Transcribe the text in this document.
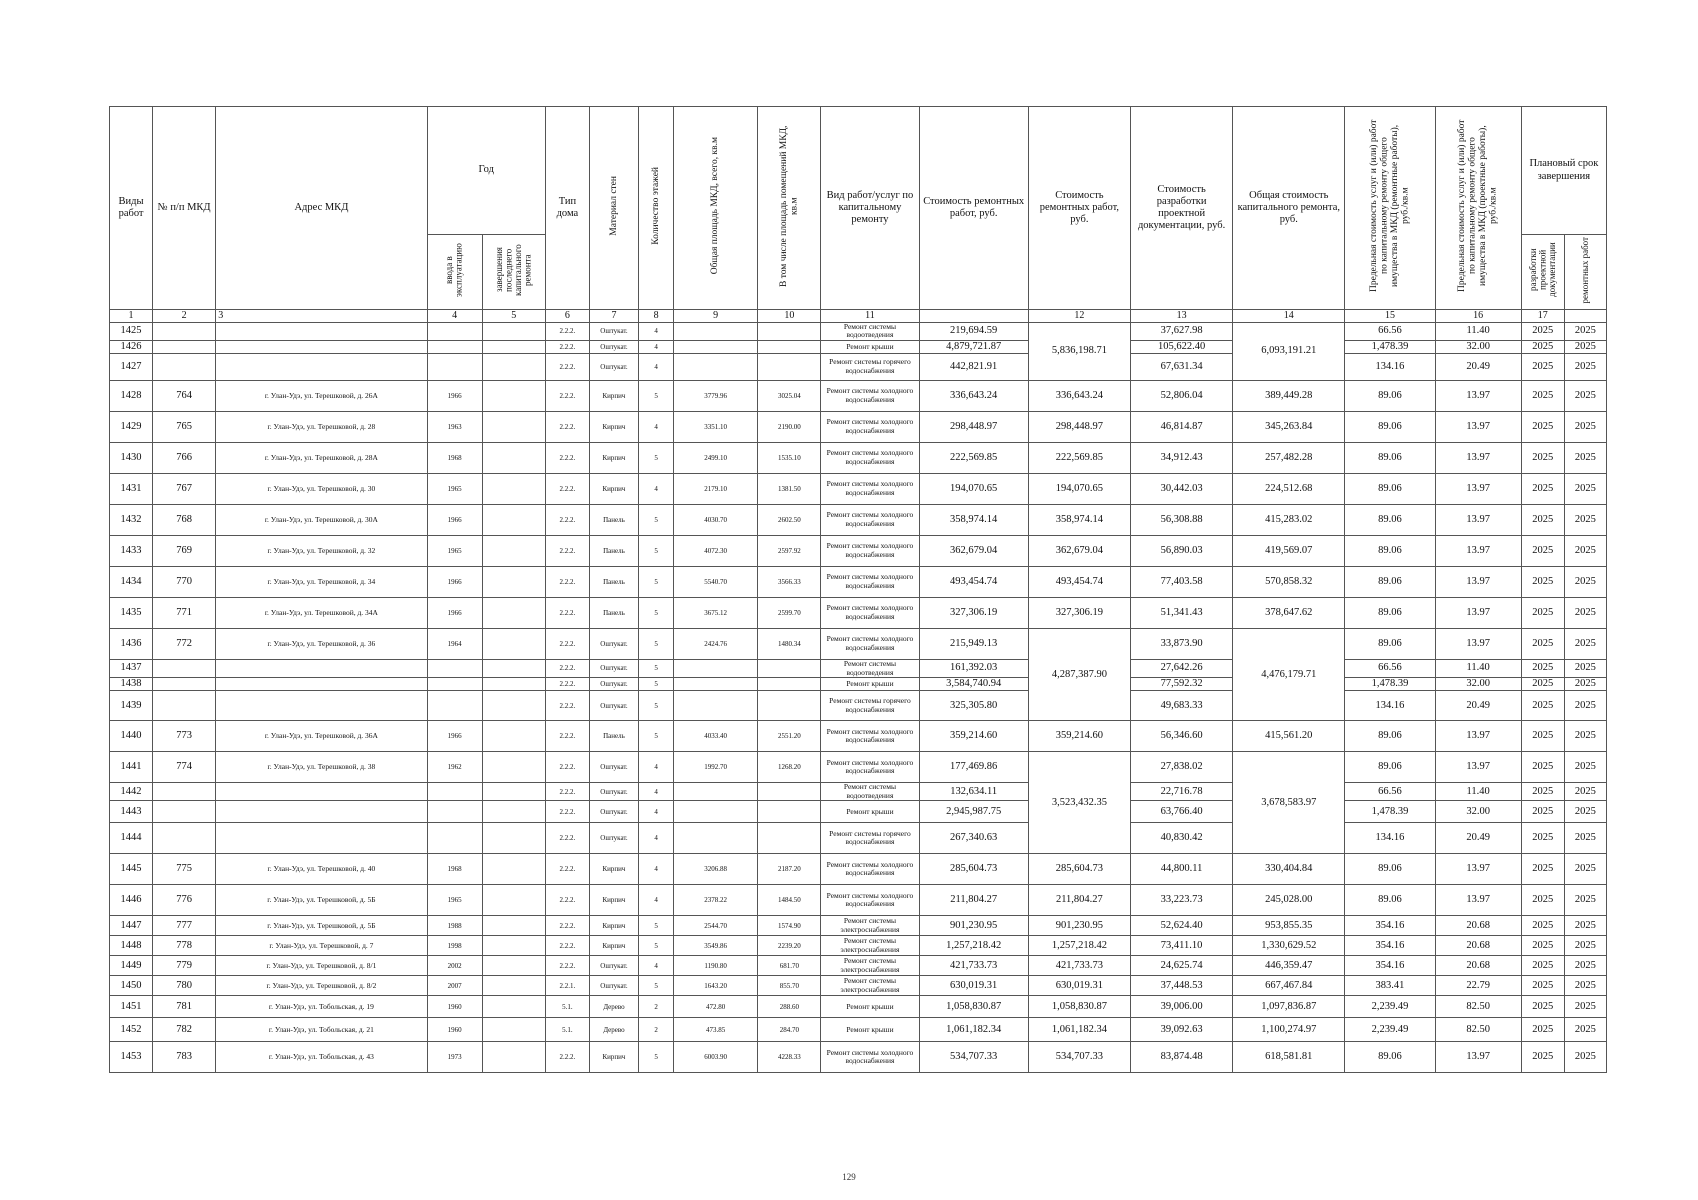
Виды работ	№ п/п МКД	Адрес МКД	Год		Тип дома	Материал стен	Количество этажей	Общая площадь МКД, всего, кв.м	В том числе площадь помещений МКД, кв.м	Вид работ/услуг по капитальному ремонту	Стоимость ремонтных работ, руб.	Стоимость ремонтных работ, руб.	Стоимость разработки проектной документации, руб.	Общая стоимость капитального ремонта, руб.	Предельная стоимость услуг и (или) работ по капитальному ремонту общего имущества в МКД (ремонтные работы), руб./кв.м	Предельная стоимость услуг и (или) работ по капитальному ремонту общего имущества в МКД (проектные работы), руб./кв.м	Плановый срок завершения	
			ввода в эксплуатацию	завершения последнего капитального ремонта													разработки проектной документации	ремонтных работ
1	2	3	4	5	6	7	8	9	10	11		12	13	14	15	16	17	
1425					2.2.2.	Оштукат.	4			Ремонт системы водоотведения	219,694.59	5,836,198.71	37,627.98	6,093,191.21	66.56	11.40	2025	2025
1426					2.2.2.	Оштукат.	4			Ремонт крыши	4,879,721.87		105,622.40		1,478.39	32.00	2025	2025
1427					2.2.2.	Оштукат.	4			Ремонт системы горячего водоснабжения	442,821.91		67,631.34		134.16	20.49	2025	2025
1428	764	г. Улан-Удэ, ул. Терешковой, д. 26А	1966		2.2.2.	Кирпич	5	3779.96	3025.04	Ремонт системы холодного водоснабжения	336,643.24	336,643.24	52,806.04	389,449.28	89.06	13.97	2025	2025
1429	765	г. Улан-Удэ, ул. Терешковой, д. 28	1963		2.2.2.	Кирпич	4	3351.10	2190.00	Ремонт системы холодного водоснабжения	298,448.97	298,448.97	46,814.87	345,263.84	89.06	13.97	2025	2025
1430	766	г. Улан-Удэ, ул. Терешковой, д. 28А	1968		2.2.2.	Кирпич	5	2499.10	1535.10	Ремонт системы холодного водоснабжения	222,569.85	222,569.85	34,912.43	257,482.28	89.06	13.97	2025	2025
1431	767	г. Улан-Удэ, ул. Терешковой, д. 30	1965		2.2.2.	Кирпич	4	2179.10	1381.50	Ремонт системы холодного водоснабжения	194,070.65	194,070.65	30,442.03	224,512.68	89.06	13.97	2025	2025
1432	768	г. Улан-Удэ, ул. Терешковой, д. 30А	1966		2.2.2.	Панель	5	4030.70	2602.50	Ремонт системы холодного водоснабжения	358,974.14	358,974.14	56,308.88	415,283.02	89.06	13.97	2025	2025
1433	769	г. Улан-Удэ, ул. Терешковой, д. 32	1965		2.2.2.	Панель	5	4072.30	2597.92	Ремонт системы холодного водоснабжения	362,679.04	362,679.04	56,890.03	419,569.07	89.06	13.97	2025	2025
1434	770	г. Улан-Удэ, ул. Терешковой, д. 34	1966		2.2.2.	Панель	5	5540.70	3566.33	Ремонт системы холодного водоснабжения	493,454.74	493,454.74	77,403.58	570,858.32	89.06	13.97	2025	2025
1435	771	г. Улан-Удэ, ул. Терешковой, д. 34А	1966		2.2.2.	Панель	5	3675.12	2599.70	Ремонт системы холодного водоснабжения	327,306.19	327,306.19	51,341.43	378,647.62	89.06	13.97	2025	2025
1436	772	г. Улан-Удэ, ул. Терешковой, д. 36	1964		2.2.2.	Оштукат.	5	2424.76	1480.34	Ремонт системы холодного водоснабжения	215,949.13	4,287,387.90	33,873.90	4,476,179.71	89.06	13.97	2025	2025
1437					2.2.2.	Оштукат.	5			Ремонт системы водоотведения	161,392.03		27,642.26		66.56	11.40	2025	2025
1438					2.2.2.	Оштукат.	5			Ремонт крыши	3,584,740.94		77,592.32		1,478.39	32.00	2025	2025
1439					2.2.2.	Оштукат.	5			Ремонт системы горячего водоснабжения	325,305.80		49,683.33		134.16	20.49	2025	2025
1440	773	г. Улан-Удэ, ул. Терешковой, д. 36А	1966		2.2.2.	Панель	5	4033.40	2551.20	Ремонт системы холодного водоснабжения	359,214.60	359,214.60	56,346.60	415,561.20	89.06	13.97	2025	2025
1441	774	г. Улан-Удэ, ул. Терешковой, д. 38	1962		2.2.2.	Оштукат.	4	1992.70	1268.20	Ремонт системы холодного водоснабжения	177,469.86	3,523,432.35	27,838.02	3,678,583.97	89.06	13.97	2025	2025
1442					2.2.2.	Оштукат.	4			Ремонт системы водоотведения	132,634.11		22,716.78		66.56	11.40	2025	2025
1443					2.2.2.	Оштукат.	4			Ремонт крыши	2,945,987.75		63,766.40		1,478.39	32.00	2025	2025
1444					2.2.2.	Оштукат.	4			Ремонт системы горячего водоснабжения	267,340.63		40,830.42		134.16	20.49	2025	2025
1445	775	г. Улан-Удэ, ул. Терешковой, д. 40	1968		2.2.2.	Кирпич	4	3206.88	2187.20	Ремонт системы холодного водоснабжения	285,604.73	285,604.73	44,800.11	330,404.84	89.06	13.97	2025	2025
1446	776	г. Улан-Удэ, ул. Терешковой, д. 5Б	1965		2.2.2.	Кирпич	4	2378.22	1484.50	Ремонт системы холодного водоснабжения	211,804.27	211,804.27	33,223.73	245,028.00	89.06	13.97	2025	2025
1447	777	г. Улан-Удэ, ул. Терешковой, д. 5Б	1988		2.2.2.	Кирпич	5	2544.70	1574.90	Ремонт системы электроснабжения	901,230.95	901,230.95	52,624.40	953,855.35	354.16	20.68	2025	2025
1448	778	г. Улан-Удэ, ул. Терешковой, д. 7	1998		2.2.2.	Кирпич	5	3549.86	2239.20	Ремонт системы электроснабжения	1,257,218.42	1,257,218.42	73,411.10	1,330,629.52	354.16	20.68	2025	2025
1449	779	г. Улан-Удэ, ул. Терешковой, д. 8/1	2002		2.2.2.	Оштукат.	4	1190.80	681.70	Ремонт системы электроснабжения	421,733.73	421,733.73	24,625.74	446,359.47	354.16	20.68	2025	2025
1450	780	г. Улан-Удэ, ул. Терешковой, д. 8/2	2007		2.2.1.	Оштукат.	5	1643.20	855.70	Ремонт системы электроснабжения	630,019.31	630,019.31	37,448.53	667,467.84	383.41	22.79	2025	2025
1451	781	г. Улан-Удэ, ул. Тобольская, д. 19	1960		5.1.	Дерево	2	472.80	288.60	Ремонт крыши	1,058,830.87	1,058,830.87	39,006.00	1,097,836.87	2,239.49	82.50	2025	2025
1452	782	г. Улан-Удэ, ул. Тобольская, д. 21	1960		5.1.	Дерево	2	473.85	284.70	Ремонт крыши	1,061,182.34	1,061,182.34	39,092.63	1,100,274.97	2,239.49	82.50	2025	2025
1453	783	г. Улан-Удэ, ул. Тобольская, д. 43	1973		2.2.2.	Кирпич	5	6003.90	4228.33	Ремонт системы холодного водоснабжения	534,707.33	534,707.33	83,874.48	618,581.81	89.06	13.97	2025	2025
129
